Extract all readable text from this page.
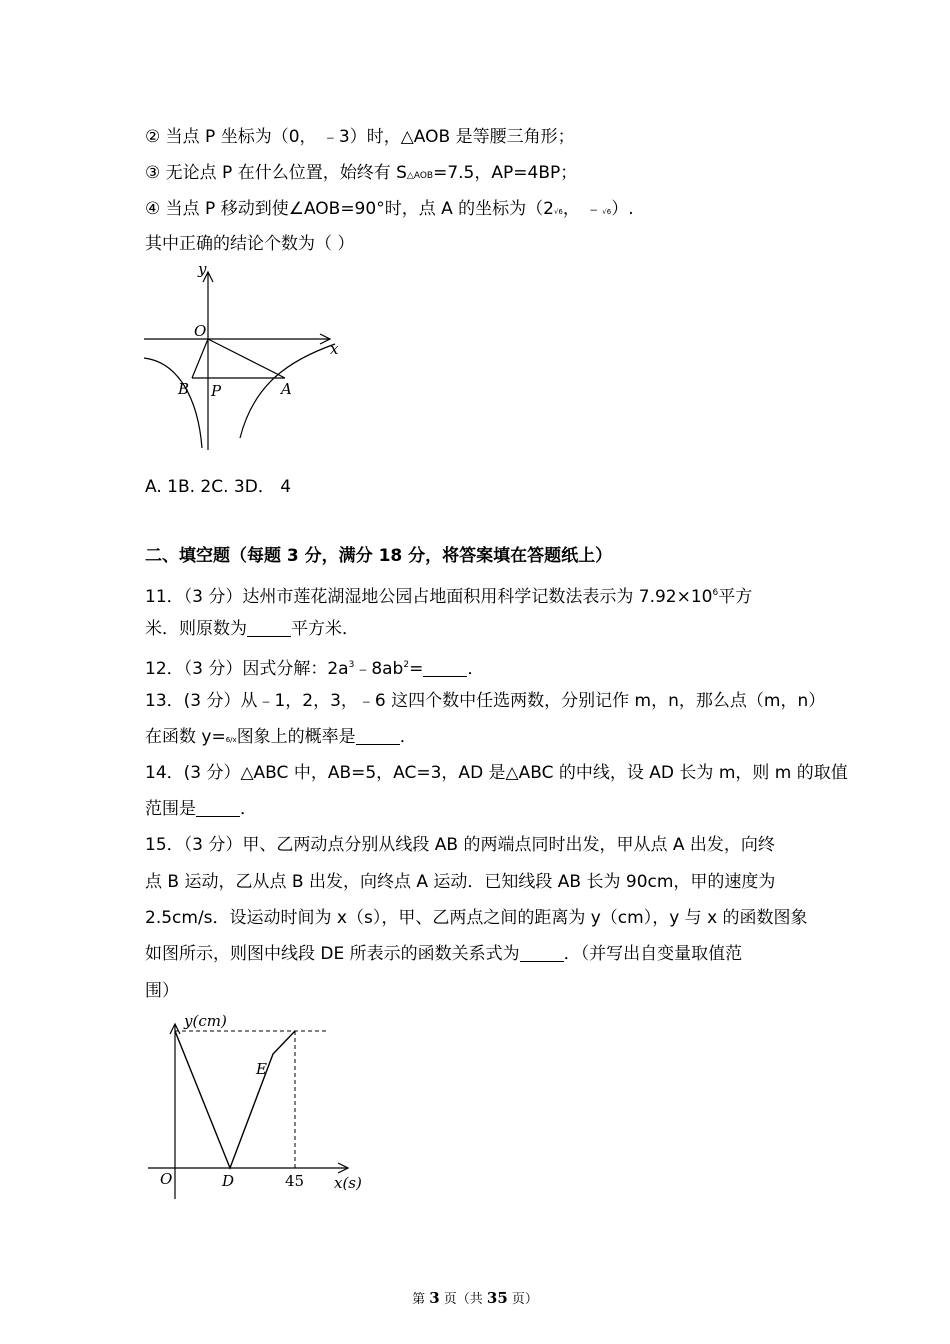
② 当点 P 坐标为（0， ﹣3）时，△AOB 是等腰三角形；
③ 无论点 P 在什么位置，始终有 S△AOB=7.5，AP=4BP；
④ 当点 P 移动到使∠AOB=90°时，点 A 的坐标为（2√6， ﹣√6）.
其中正确的结论个数为（ ）
y
x
O
B P	A
A. 1B. 2C. 3D． 4
二、填空题（每题 3 分，满分 18 分，将答案填在答题纸上）
11．（3 分）达州市莲花湖湿地公园占地面积用科学记数法表示为 $7.92\times 10^6$平方
米．则原数为	平方米．
12．（3 分）因式分解：$2a^3﹣8ab^2=$	．
13．(3 分）从﹣1，2，3，﹣6 这四个数中任选两数，分别记作 m，n，那么点（m，n）
在函数 y=6/x图象上的概率是	．
14．(3 分）△ABC 中，AB=5，AC=3，AD 是△ABC 的中线，设 AD 长为 m，则 m 的取值
范围是	．
15．（3 分）甲、乙两动点分别从线段 AB 的两端点同时出发，甲从点 A 出发，向终
点 B 运动，乙从点 B 出发，向终点 A 运动．已知线段 AB 长为 90cm，甲的速度为
2.5cm/s．设运动时间为 x（s），甲、乙两点之间的距离为 y（cm），y 与 x 的函数图象
如图所示，则图中线段 DE 所表示的函数关系式为	．（并写出自变量取值范
围）
y(cm)
x(s)
O	D
E
45
第 3 页（共 35 页）
